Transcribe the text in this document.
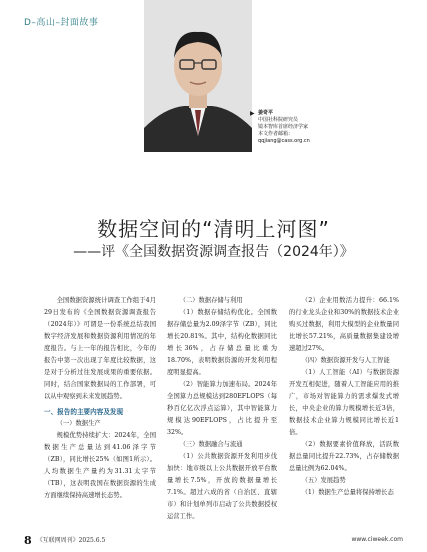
D–高山–封面故事
▶ 姜奇平
中国社科院研究员
镜本智库首席经济学家
本文作者邮箱：
qqjiang@cass.org.cn
数据空间的“清明上河图”
——评《全国数据资源调查报告（2024年）》

全国数据资源统计调查工作组于4月29日发布的《全国数据资源调查报告（2024年）》可谓是一份系统总结我国数字经济发展和数据资源利用情况的年度报告。与上一年的报告相比，今年的报告中第一次出现了年度比较数据，这是对于分析过往发展成果的重要依据。同时，结合国家数据局的工作部署，可以从中观察到未来发展趋势。

一、报告的主要内容及发现

（一）数据生产

规模优势持续扩大：2024年，全国数据生产总量达到41.06泽字节（ZB），同比增长25%（如图1所示）。人均数据生产量约为31.31太字节（TB），这表明我国在数据资源的生成方面继续保持高速增长态势。

（二）数据存储与利用

（1）数据存储结构优化。全国数据存储总量为2.09泽字节（ZB），同比增长20.81%。其中，结构化数据同比增长36%，占存储总量比重为18.70%，表明数据资源的开发利用程度明显提高。

（2）智能算力加速布局。2024年全国算力总规模达到280EFLOPS（每秒百亿亿次浮点运算），其中智能算力规模达90EFLOPS，占比提升至32%。

（三）数据融合与流通

（1）公共数据资源开发利用步伐加快：地市级以上公共数据开放平台数量增长7.5%，开放的数据量增长7.1%。超过六成的省（自治区、直辖市）和计划单列市启动了公共数据授权运营工作。

（2）企业用数活力提升：66.1%的行业龙头企业和30%的数据技术企业购买过数据，利用大模型的企业数量同比增长57.21%，高质量数据集建设增速超过27%。

（四）数据资源开发与人工智能

（1）人工智能（AI）与数据资源开发互相促进，随着人工智能应用的推广，市场对智能算力的需求爆发式增长，中央企业的算力规模增长近3倍，数据技术企业算力规模同比增长近1倍。

（2）数据要素价值释放，活跃数据总量同比提升22.73%，占存储数据总量比例为62.04%。

（五）发展趋势

（1）数据生产总量将保持增长态

8 《互联网周刊》2025.6.5	www.ciweek.com
